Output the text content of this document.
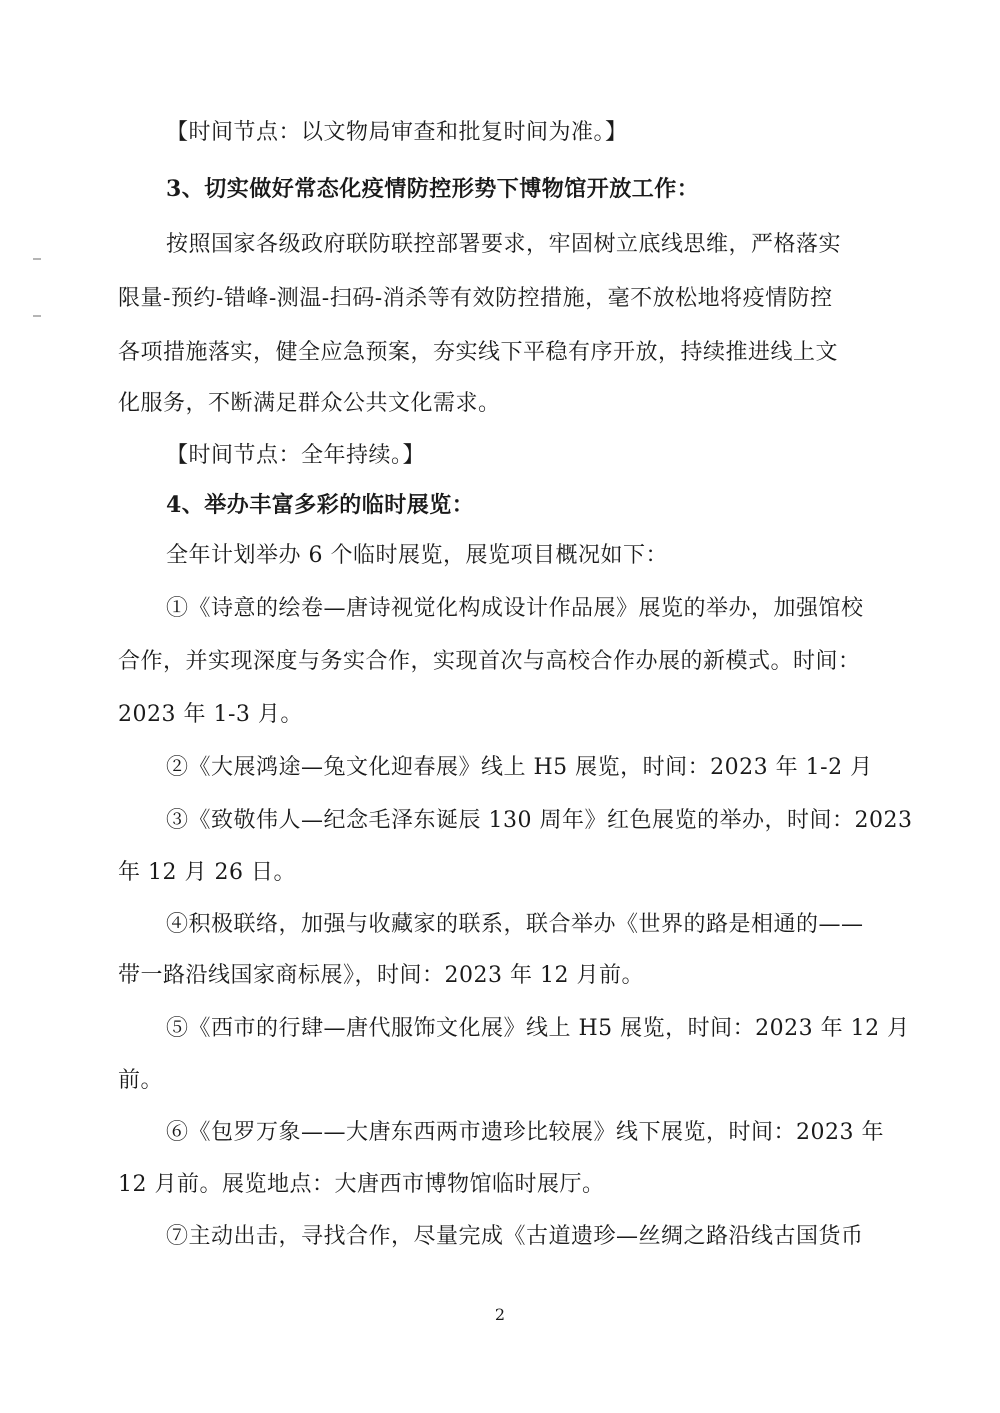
【时间节点：以文物局审查和批复时间为准。】
3、切实做好常态化疫情防控形势下博物馆开放工作：
按照国家各级政府联防联控部署要求，牢固树立底线思维，严格落实
限量-预约-错峰-测温-扫码-消杀等有效防控措施，毫不放松地将疫情防控
各项措施落实，健全应急预案，夯实线下平稳有序开放，持续推进线上文
化服务，不断满足群众公共文化需求。
【时间节点：全年持续。】
4、举办丰富多彩的临时展览：
全年计划举办 6 个临时展览，展览项目概况如下：
①《诗意的绘卷—唐诗视觉化构成设计作品展》展览的举办，加强馆校
合作，并实现深度与务实合作，实现首次与高校合作办展的新模式。时间：
2023 年 1-3 月。
②《大展鸿途—兔文化迎春展》线上 H5 展览，时间：2023 年 1-2 月
③《致敬伟人—纪念毛泽东诞辰 130 周年》红色展览的举办，时间：2023
年 12 月 26 日。
④积极联络，加强与收藏家的联系，联合举办《世界的路是相通的——
带一路沿线国家商标展》，时间：2023 年 12 月前。
⑤《西市的行肆—唐代服饰文化展》线上 H5 展览，时间：2023 年 12 月
前。
⑥《包罗万象——大唐东西两市遗珍比较展》线下展览，时间：2023 年
12 月前。展览地点：大唐西市博物馆临时展厅。
⑦主动出击，寻找合作，尽量完成《古道遗珍—丝绸之路沿线古国货币
2
